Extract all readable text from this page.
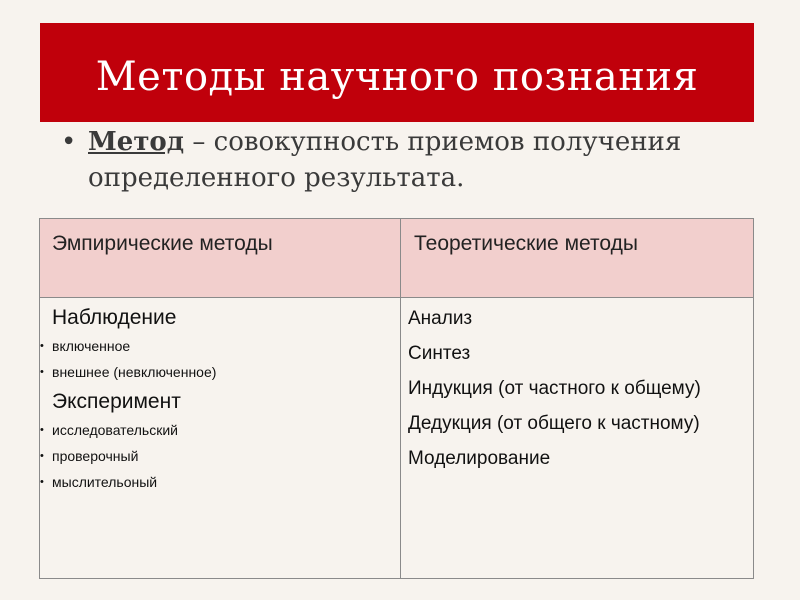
Методы научного познания
• Метод – совокупность приемов получения определенного результата.
Эмпирические методы	Теоретические методы
Наблюдение
• включенное
• внешнее (невключенное)
Эксперимент
• исследовательский
• проверочный
• мыслительоный
Анализ
Синтез
Индукция (от частного к общему)
Дедукция (от общего к частному)
Моделирование
